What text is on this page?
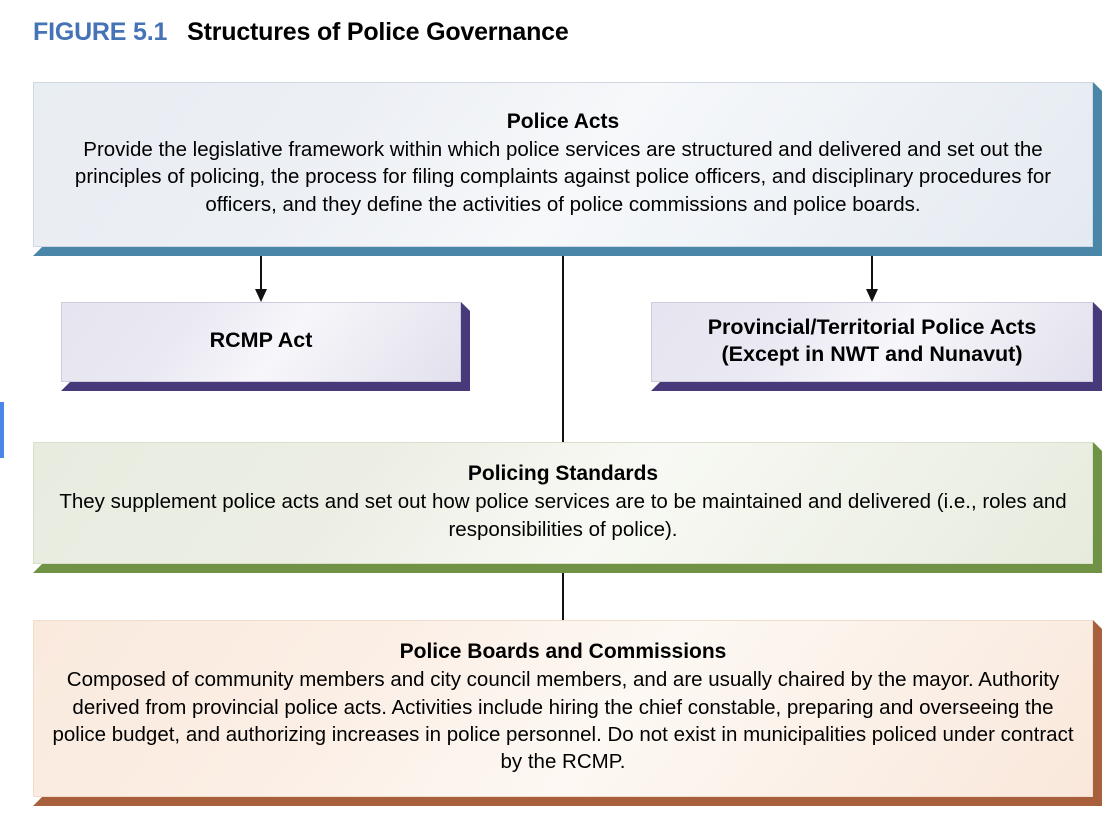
FIGURE 5.1 Structures of Police Governance

Police Acts

Provide the legislative framework within which police services are structured and delivered and set out the principles of policing, the process for filing complaints against police officers, and disciplinary procedures for officers, and they define the activities of police commissions and police boards.

RCMP Act

Provincial/Territorial Police Acts

(Except in NWT and Nunavut)

Policing Standards

They supplement police acts and set out how police services are to be maintained and delivered (i.e., roles and responsibilities of police).

Police Boards and Commissions

Composed of community members and city council members, and are usually chaired by the mayor. Authority derived from provincial police acts. Activities include hiring the chief constable, preparing and overseeing the police budget, and authorizing increases in police personnel. Do not exist in municipalities policed under contract by the RCMP.
